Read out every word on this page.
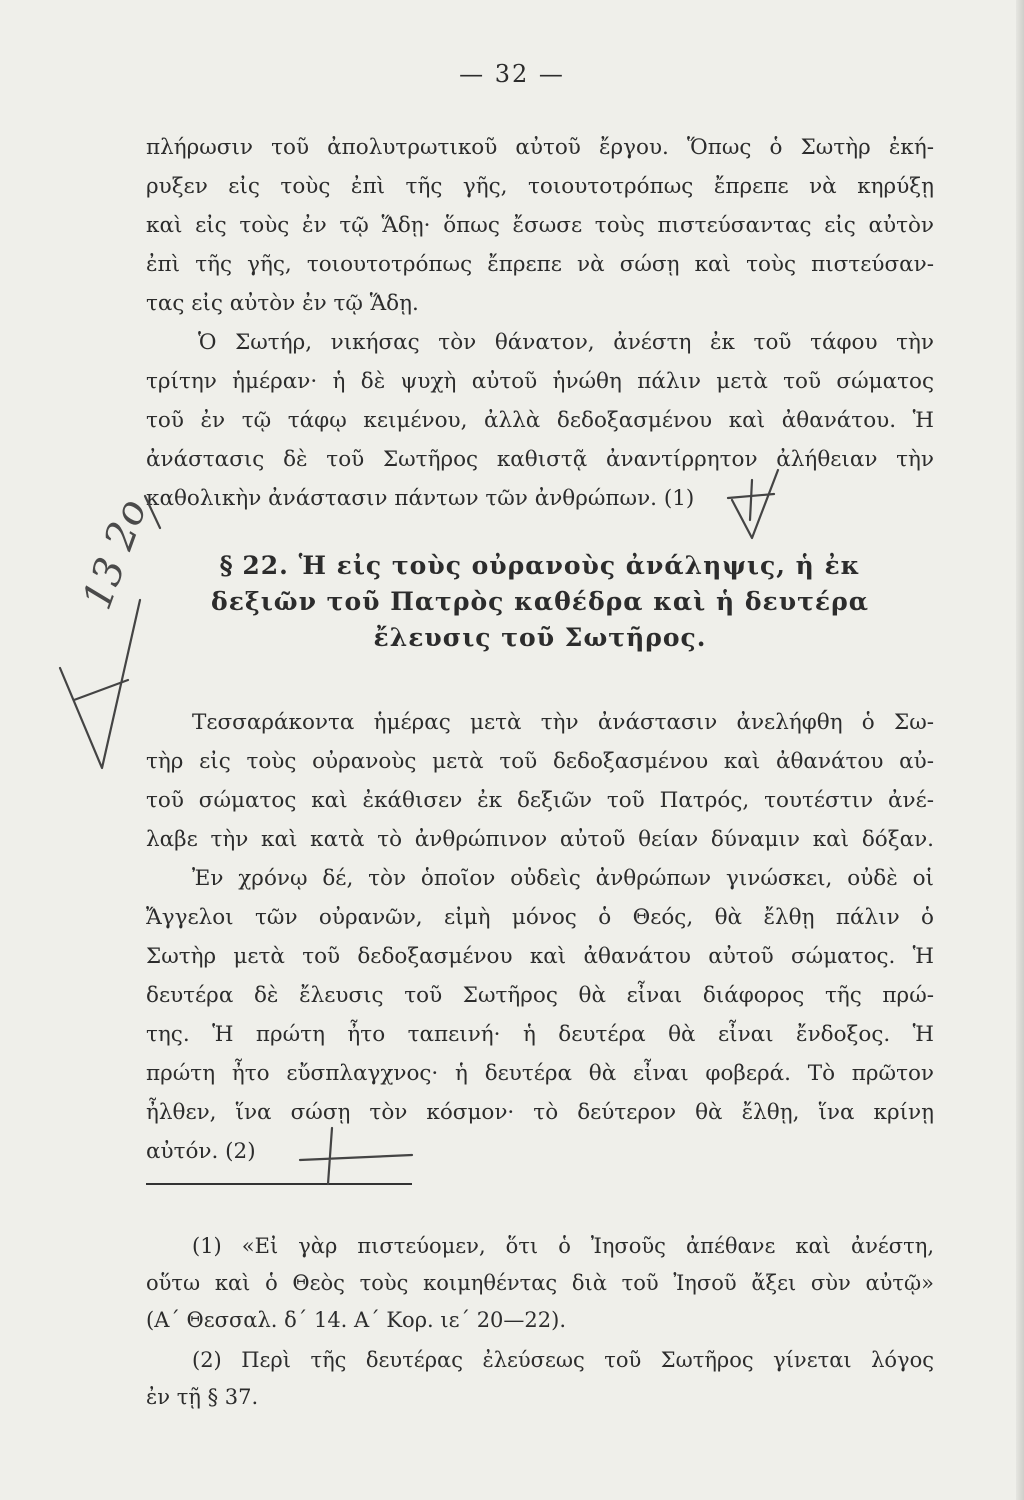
— 32 —
πλήρωσιν τοῦ ἀπολυτρωτικοῦ αὐτοῦ ἔργου. Ὅπως ὁ Σωτὴρ ἐκή-
ρυξεν εἰς τοὺς ἐπὶ τῆς γῆς, τοιουτοτρόπως ἔπρεπε νὰ κηρύξῃ
καὶ εἰς τοὺς ἐν τῷ Ἅδῃ· ὅπως ἔσωσε τοὺς πιστεύσαντας εἰς αὐτὸν
ἐπὶ τῆς γῆς, τοιουτοτρόπως ἔπρεπε νὰ σώσῃ καὶ τοὺς πιστεύσαν-
τας εἰς αὐτὸν ἐν τῷ Ἅδῃ.
Ὁ Σωτήρ, νικήσας τὸν θάνατον, ἀνέστη ἐκ τοῦ τάφου τὴν
τρίτην ἡμέραν· ἡ δὲ ψυχὴ αὐτοῦ ἡνώθη πάλιν μετὰ τοῦ σώματος
τοῦ ἐν τῷ τάφῳ κειμένου, ἀλλὰ δεδοξασμένου καὶ ἀθανάτου. Ἡ
ἀνάστασις δὲ τοῦ Σωτῆρος καθιστᾷ ἀναντίρρητον ἀλήθειαν τὴν
καθολικὴν ἀνάστασιν πάντων τῶν ἀνθρώπων. (1)
§ 22. Ἡ εἰς τοὺς οὐρανοὺς ἀνάληψις, ἡ ἐκ
δεξιῶν τοῦ Πατρὸς καθέδρα καὶ ἡ δευτέρα
ἔλευσις τοῦ Σωτῆρος.
Τεσσαράκοντα ἡμέρας μετὰ τὴν ἀνάστασιν ἀνελήφθη ὁ Σω-
τὴρ εἰς τοὺς οὐρανοὺς μετὰ τοῦ δεδοξασμένου καὶ ἀθανάτου αὐ-
τοῦ σώματος καὶ ἐκάθισεν ἐκ δεξιῶν τοῦ Πατρός, τουτέστιν ἀνέ-
λαβε τὴν καὶ κατὰ τὸ ἀνθρώπινον αὐτοῦ θείαν δύναμιν καὶ δόξαν.
Ἐν χρόνῳ δέ, τὸν ὁποῖον οὐδεὶς ἀνθρώπων γινώσκει, οὐδὲ οἱ
Ἄγγελοι τῶν οὐρανῶν, εἰμὴ μόνος ὁ Θεός, θὰ ἔλθῃ πάλιν ὁ
Σωτὴρ μετὰ τοῦ δεδοξασμένου καὶ ἀθανάτου αὐτοῦ σώματος. Ἡ
δευτέρα δὲ ἔλευσις τοῦ Σωτῆρος θὰ εἶναι διάφορος τῆς πρώ-
της. Ἡ πρώτη ἦτο ταπεινή· ἡ δευτέρα θὰ εἶναι ἔνδοξος. Ἡ
πρώτη ἦτο εὔσπλαγχνος· ἡ δευτέρα θὰ εἶναι φοβερά. Τὸ πρῶτον
ἦλθεν, ἵνα σώσῃ τὸν κόσμον· τὸ δεύτερον θὰ ἔλθῃ, ἵνα κρίνῃ
αὐτόν. (2)
(1) «Εἰ γὰρ πιστεύομεν, ὅτι ὁ Ἰησοῦς ἀπέθανε καὶ ἀνέστη,
οὕτω καὶ ὁ Θεὸς τοὺς κοιμηθέντας διὰ τοῦ Ἰησοῦ ἄξει σὺν αὐτῷ»
(Α΄ Θεσσαλ. δ΄ 14. Α΄ Κορ. ιε΄ 20—22).
(2) Περὶ τῆς δευτέρας ἐλεύσεως τοῦ Σωτῆρος γίνεται λόγος
ἐν τῇ § 37.
13 2ο
